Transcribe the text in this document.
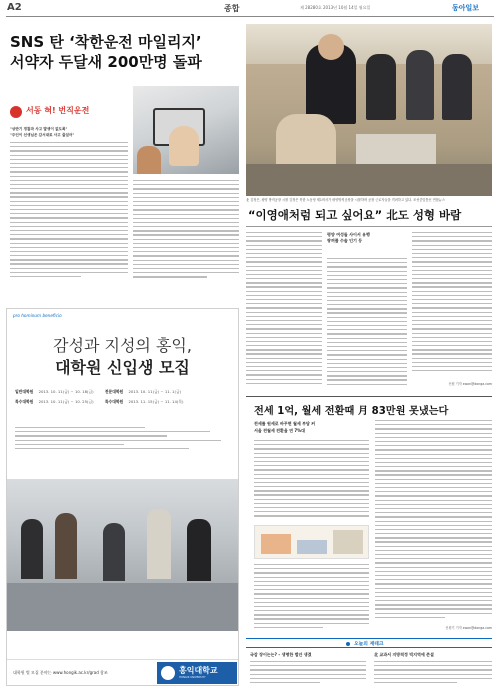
A2	종합	제 28280호 2013년 10월 14일 월요일	동아일보
SNS 탄 ‘착한운전 마일리지’
서약자 두달새 200만명 돌파
서동 혀! 번직운전
"상반기 경찰과 사고 발생이 없도록"
"주인이 선생님은 감서대로 사고 줄었어"
北 김정은, 평양 방직공장 시찰 김정은 북한 노동당 제1비서가 평양방직공장을 시찰하며 공장 근로자들을 격려하고 있다. 조선중앙통신 연합뉴스
“이영애처럼 되고 싶어요” 北도 성형 바람
평양 여성들 사이서 유행
쌍꺼풀 수술 인기 등
신원 기자 swon@donga.com
pro hominum beneficio
감성과 지성의 홍익,
대학원 신입생 모집
일반대학원 2013. 10. 11(금) ~ 10. 18(금)	전문대학원 2013. 10. 11(금) ~ 11. 1(금)
특수대학원 2013. 10. 11(금) ~ 10. 25(금)	특수대학원 2013. 11. 15(금) ~ 11. 14(목)
대학원 별 모집 분야는 www.hongik.ac.kr/grad 참조	홍익대학교
HONGIK UNIVERSITY
전세 1억, 월세 전환때 月 83만원 못냈는다
전세를 원세로 바꾸면 월세 부담 커
서울 전월세 전환율 연 7%대
신원기 기자 swon@donga.com
오늘의 재테크
국감 장이는는? – 생명한 법안 생겼	北 교과서 지방적정 빅지역에 존설
